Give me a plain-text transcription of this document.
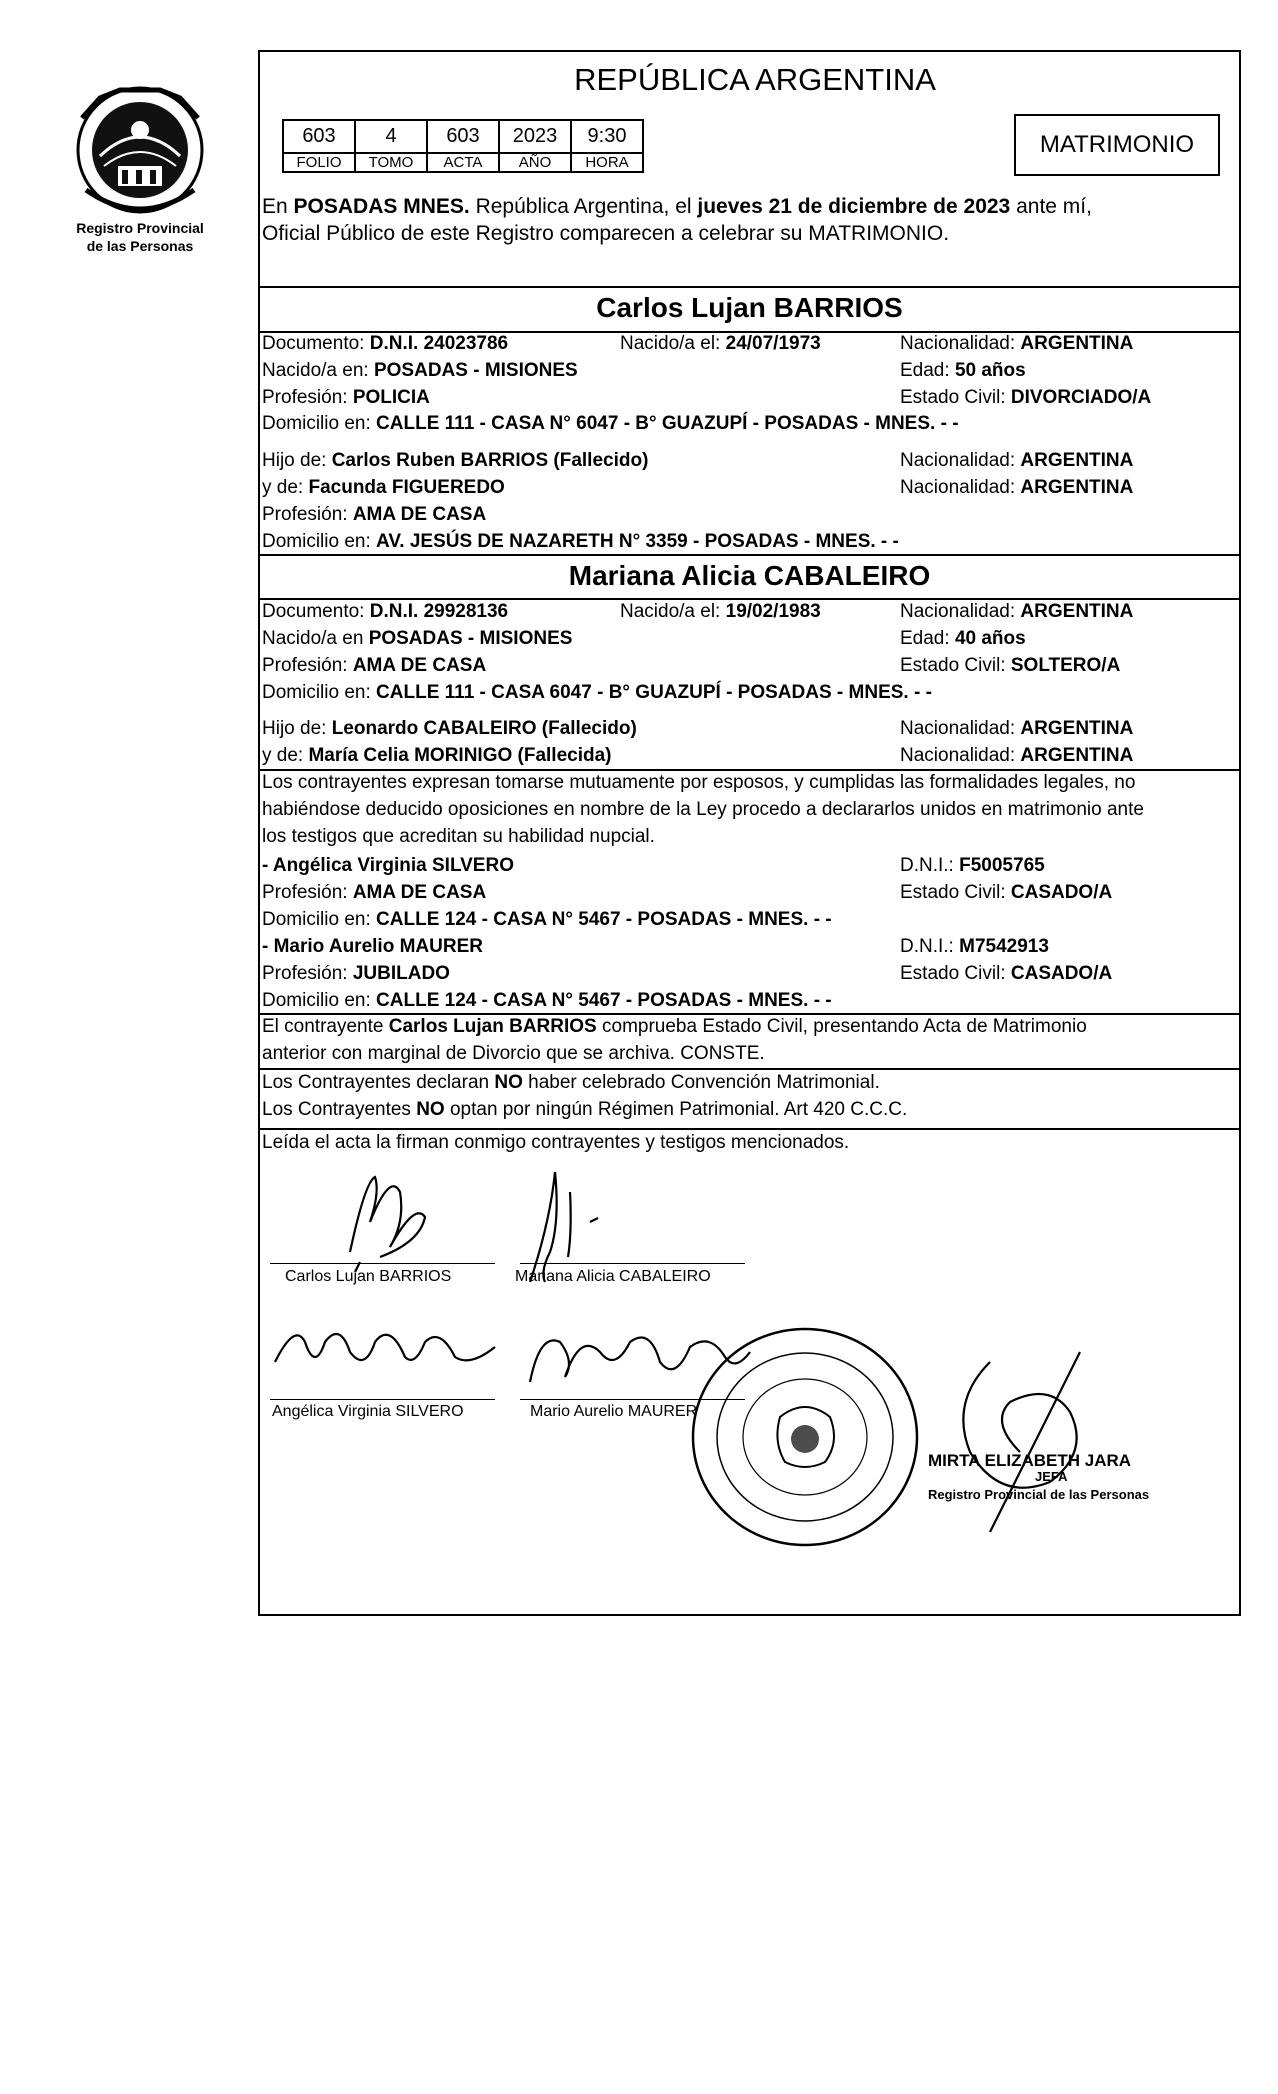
Registro Provincial
de las Personas
REPÚBLICA ARGENTINA
603	4	603	2023	9:30
FOLIO	TOMO	ACTA	AÑO	HORA
MATRIMONIO
En POSADAS MNES. República Argentina, el jueves 21 de diciembre de 2023 ante mí,
Oficial Público de este Registro comparecen a celebrar su MATRIMONIO.
Carlos Lujan BARRIOS
Documento: D.N.I. 24023786	Nacido/a el: 24/07/1973	Nacionalidad: ARGENTINA
Nacido/a en: POSADAS - MISIONES	Edad: 50 años
Profesión: POLICIA	Estado Civil: DIVORCIADO/A
Domicilio en: CALLE 111 - CASA N° 6047 - B° GUAZUPÍ - POSADAS - MNES. - -
Hijo de: Carlos Ruben BARRIOS (Fallecido)	Nacionalidad: ARGENTINA
y de: Facunda FIGUEREDO	Nacionalidad: ARGENTINA
Profesión: AMA DE CASA
Domicilio en: AV. JESÚS DE NAZARETH N° 3359 - POSADAS - MNES. - -
Mariana Alicia CABALEIRO
Documento: D.N.I. 29928136	Nacido/a el: 19/02/1983	Nacionalidad: ARGENTINA
Nacido/a en POSADAS - MISIONES	Edad: 40 años
Profesión: AMA DE CASA	Estado Civil: SOLTERO/A
Domicilio en: CALLE 111 - CASA 6047 - B° GUAZUPÍ - POSADAS - MNES. - -
Hijo de: Leonardo CABALEIRO (Fallecido)	Nacionalidad: ARGENTINA
y de: María Celia MORINIGO (Fallecida)	Nacionalidad: ARGENTINA
Los contrayentes expresan tomarse mutuamente por esposos, y cumplidas las formalidades legales, no
habiéndose deducido oposiciones en nombre de la Ley procedo a declararlos unidos en matrimonio ante
los testigos que acreditan su habilidad nupcial.
- Angélica Virginia SILVERO	D.N.I.: F5005765
Profesión: AMA DE CASA	Estado Civil: CASADO/A
Domicilio en: CALLE 124 - CASA N° 5467 - POSADAS - MNES. - -
- Mario Aurelio MAURER	D.N.I.: M7542913
Profesión: JUBILADO	Estado Civil: CASADO/A
Domicilio en: CALLE 124 - CASA N° 5467 - POSADAS - MNES. - -
El contrayente Carlos Lujan BARRIOS comprueba Estado Civil, presentando Acta de Matrimonio
anterior con marginal de Divorcio que se archiva. CONSTE.
Los Contrayentes declaran NO haber celebrado Convención Matrimonial.
Los Contrayentes NO optan por ningún Régimen Patrimonial. Art 420 C.C.C.
Leída el acta la firman conmigo contrayentes y testigos mencionados.
Carlos Lujan BARRIOS	Mariana Alicia CABALEIRO
Angélica Virginia SILVERO	Mario Aurelio MAURER
MIRTA ELIZABETH JARA
JEFA
Registro Provincial de las Personas
